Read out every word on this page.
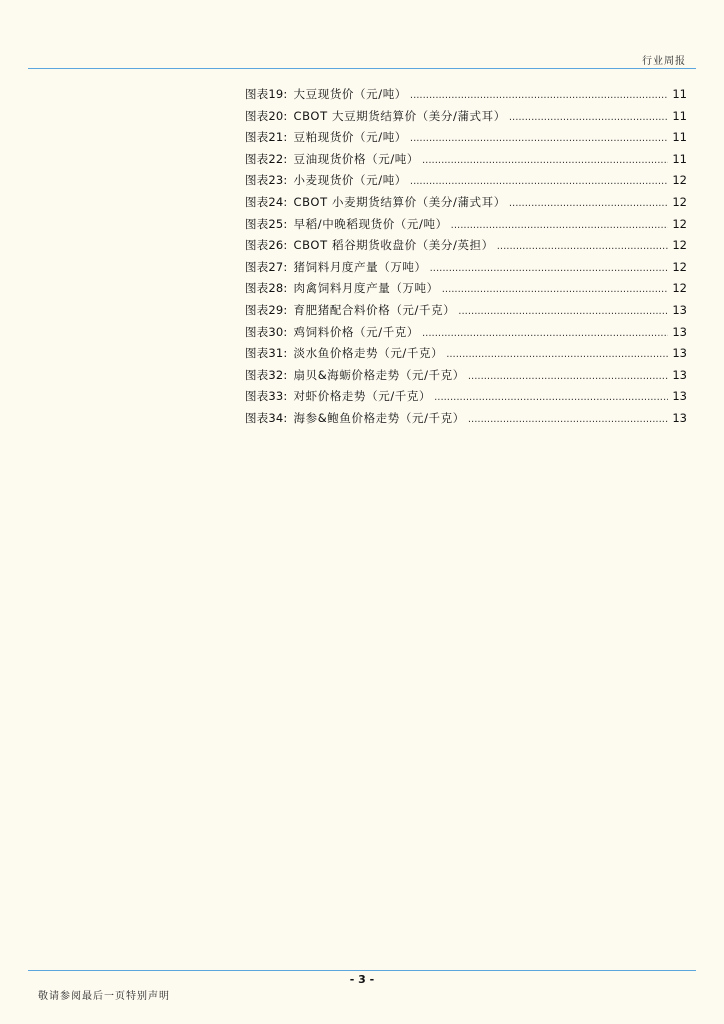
行业周报
图表19: 大豆现货价（元/吨） .....	11
图表20: CBOT 大豆期货结算价（美分/蒲式耳） .....	11
图表21: 豆粕现货价（元/吨） .....	11
图表22: 豆油现货价格（元/吨） .....	11
图表23: 小麦现货价（元/吨） .....	12
图表24: CBOT 小麦期货结算价（美分/蒲式耳） .....	12
图表25: 早稻/中晚稻现货价（元/吨） .....	12
图表26: CBOT 稻谷期货收盘价（美分/英担） .....	12
图表27: 猪饲料月度产量（万吨） .....	12
图表28: 肉禽饲料月度产量（万吨） .....	12
图表29: 育肥猪配合料价格（元/千克） .....	13
图表30: 鸡饲料价格（元/千克） .....	13
图表31: 淡水鱼价格走势（元/千克） .....	13
图表32: 扇贝&海蛎价格走势（元/千克） .....	13
图表33: 对虾价格走势（元/千克） .....	13
图表34: 海参&鲍鱼价格走势（元/千克） .....	13
- 3 -
敬请参阅最后一页特别声明
